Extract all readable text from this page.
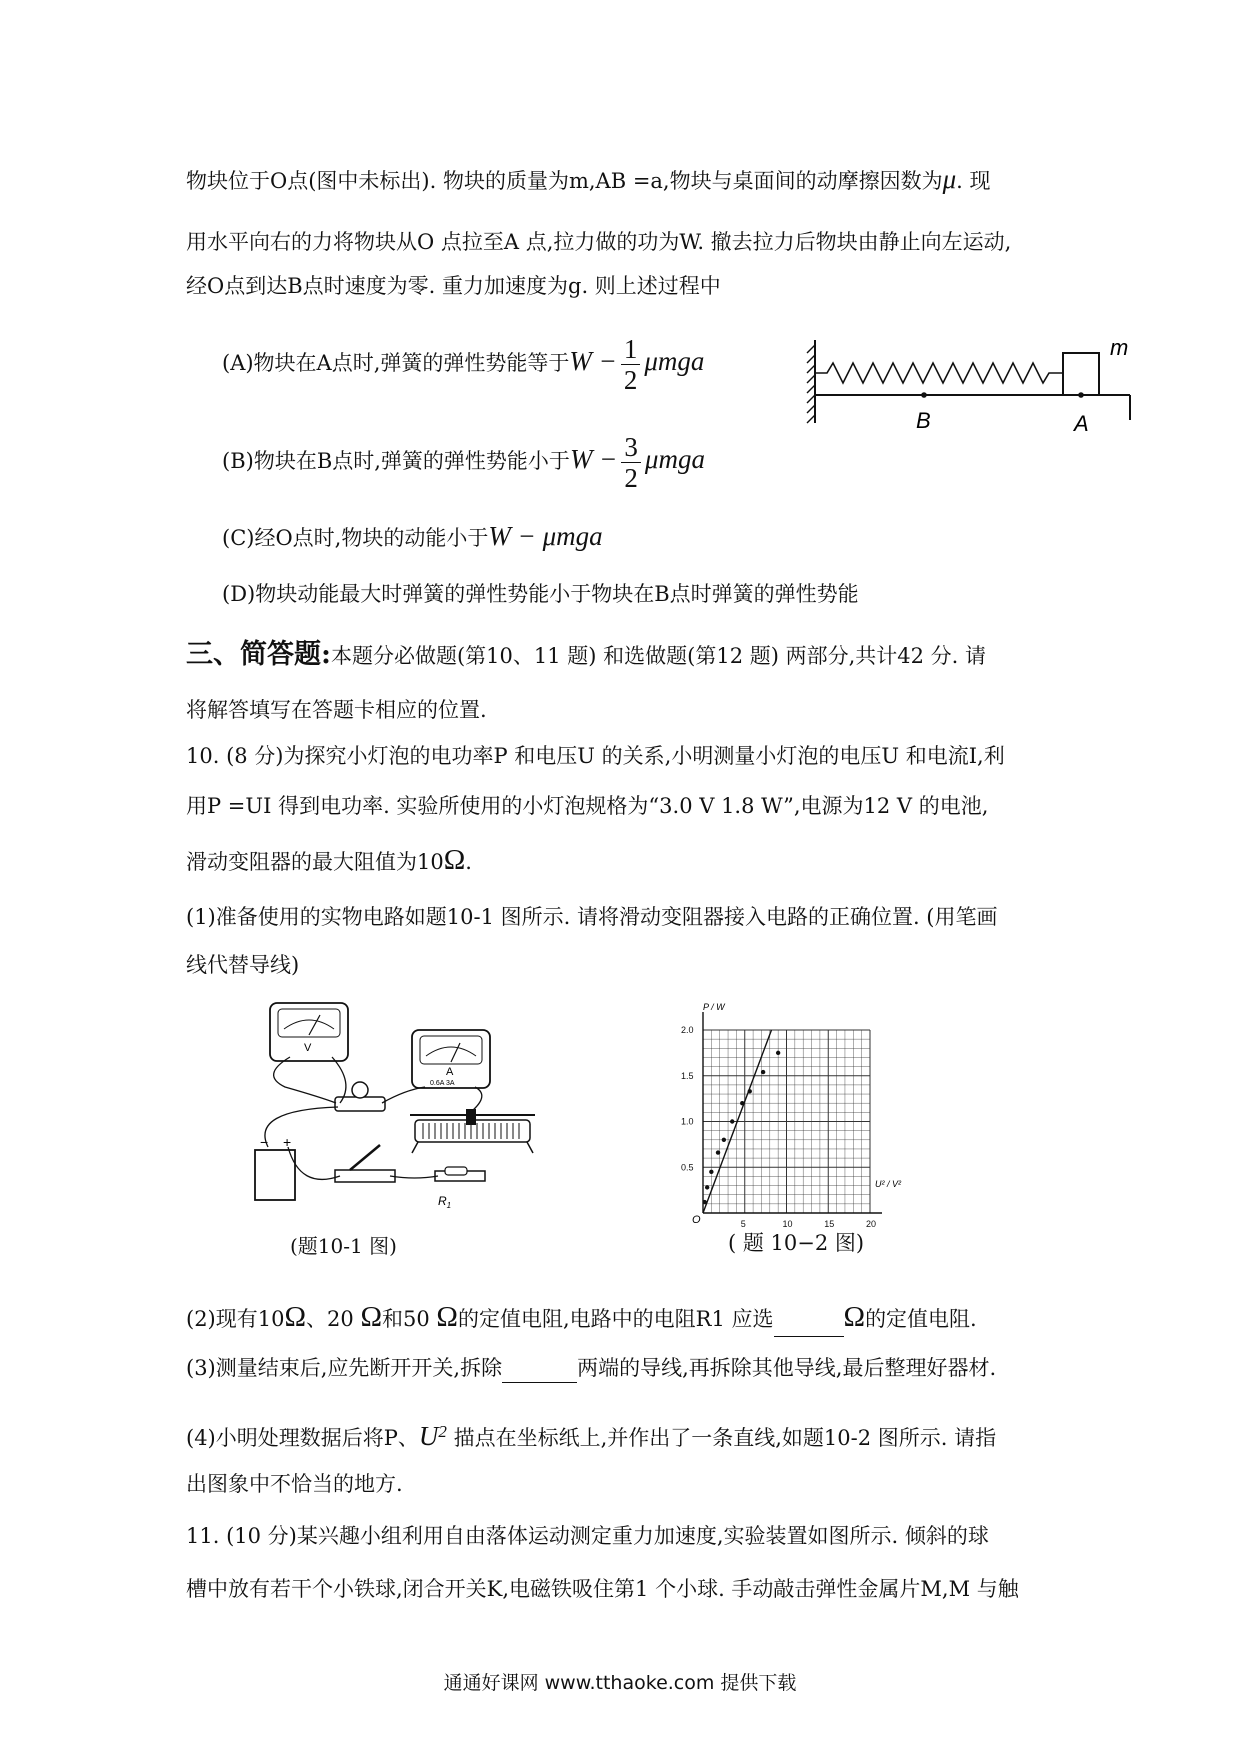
物块位于O点(图中未标出). 物块的质量为m,AB =a,物块与桌面间的动摩擦因数为μ. 现
用水平向右的力将物块从O 点拉至A 点,拉力做的功为W. 撤去拉力后物块由静止向左运动,
经O点到达B点时速度为零. 重力加速度为g. 则上述过程中
(A)物块在A点时,弹簧的弹性势能等于$W - \frac{1}{2}$ μmga
(B)物块在B点时,弹簧的弹性势能小于$W - \frac{3}{2}$ μmga
(C)经O点时,物块的动能小于W − μmga
(D)物块动能最大时弹簧的弹性势能小于物块在B点时弹簧的弹性势能
m
B	A
三、简答题:本题分必做题(第10、11 题) 和选做题(第12 题) 两部分,共计42 分. 请
将解答填写在答题卡相应的位置.
10. (8 分)为探究小灯泡的电功率P 和电压U 的关系,小明测量小灯泡的电压U 和电流I,利
用P =UI 得到电功率. 实验所使用的小灯泡规格为“3.0 V 1.8 W”,电源为12 V 的电池,
滑动变阻器的最大阻值为10Ω.
(1)准备使用的实物电路如题10-1 图所示. 请将滑动变阻器接入电路的正确位置. (用笔画
线代替导线)
V
A
0.6A 3A
− +
$R_1$
(题10-1 图)
5	10	15	20
0.5
1.0
1.5
2.0
P / W
U² / V²
O
( 题 10−2 图)
(2)现有10Ω、20 Ω和50 Ω的定值电阻,电路中的电阻R1 应选 Ω的定值电阻.
(3)测量结束后,应先断开开关,拆除	两端的导线,再拆除其他导线,最后整理好器材.
(4)小明处理数据后将P、$U^2$ 描点在坐标纸上,并作出了一条直线,如题10-2 图所示. 请指
出图象中不恰当的地方.
11. (10 分)某兴趣小组利用自由落体运动测定重力加速度,实验装置如图所示. 倾斜的球
槽中放有若干个小铁球,闭合开关K,电磁铁吸住第1 个小球. 手动敲击弹性金属片M,M 与触
通通好课网 www.tthaoke.com 提供下载
